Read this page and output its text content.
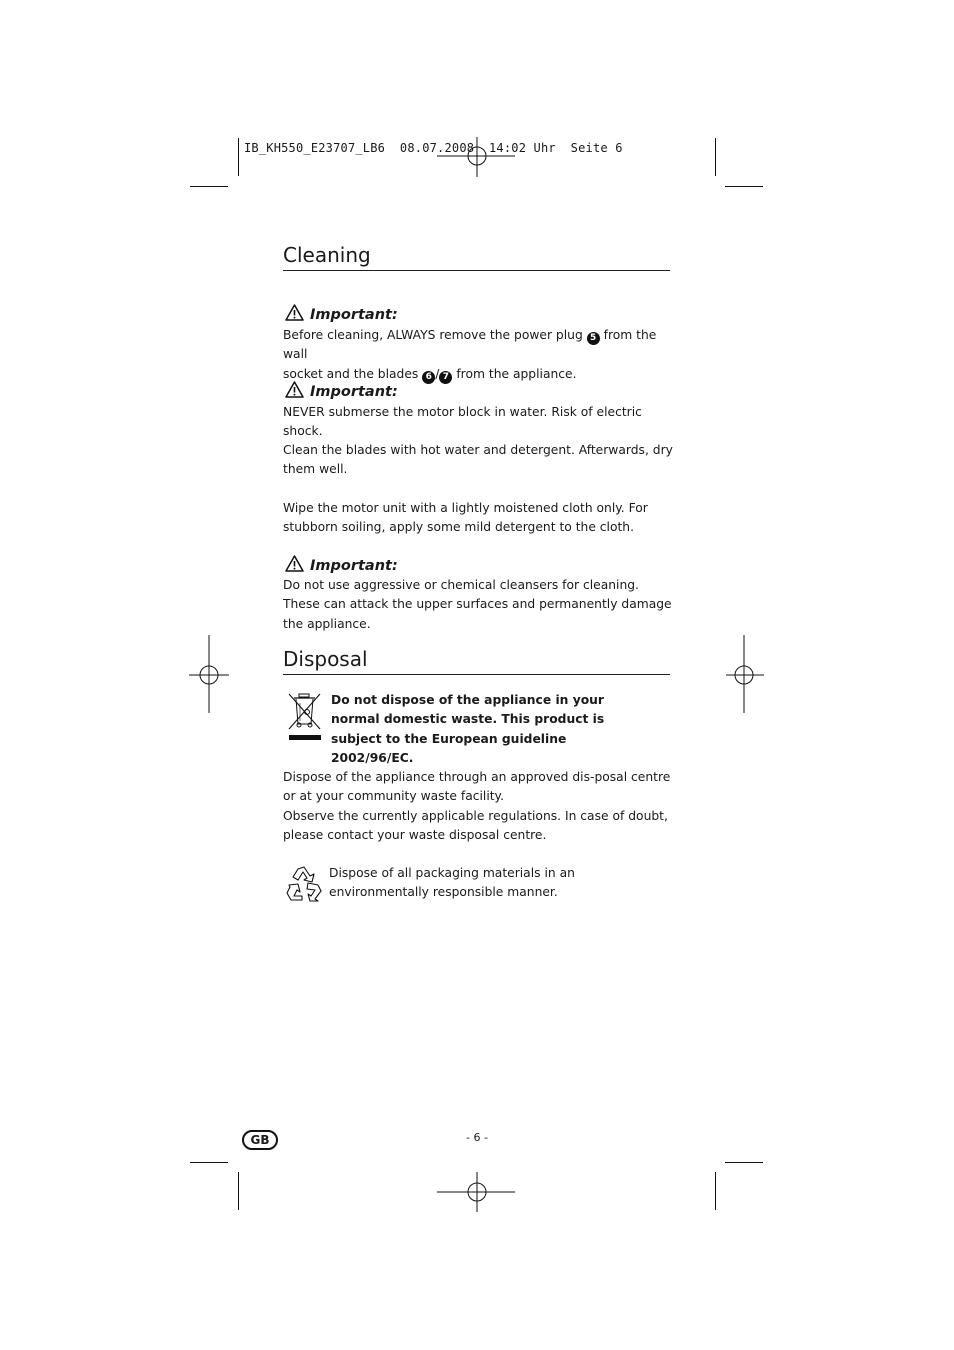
IB_KH550_E23707_LB6  08.07.2008  14:02 Uhr  Seite 6
Cleaning
Important:
Before cleaning, ALWAYS remove the power plug 5 from the wall
socket and the blades 6 / 7 from the appliance.
Important:

NEVER submerse the motor block in water. Risk of electric shock.

Clean the blades with hot water and detergent. Afterwards, dry them well.

Wipe the motor unit with a lightly moistened cloth only. For stubborn soiling, apply some mild detergent to the cloth.

Important:

Do not use aggressive or chemical cleansers for cleaning. These can attack the upper surfaces and permanently damage the appliance.

Disposal

Do not dispose of the appliance in your normal domestic waste. This product is subject to the European guideline 2002/96/EC.

Dispose of the appliance through an approved dis-posal centre or at your community waste facility.

Observe the currently applicable regulations. In case of doubt, please contact your waste disposal centre.

Dispose of all packaging materials in an environmentally responsible manner.

GB	- 6 -
